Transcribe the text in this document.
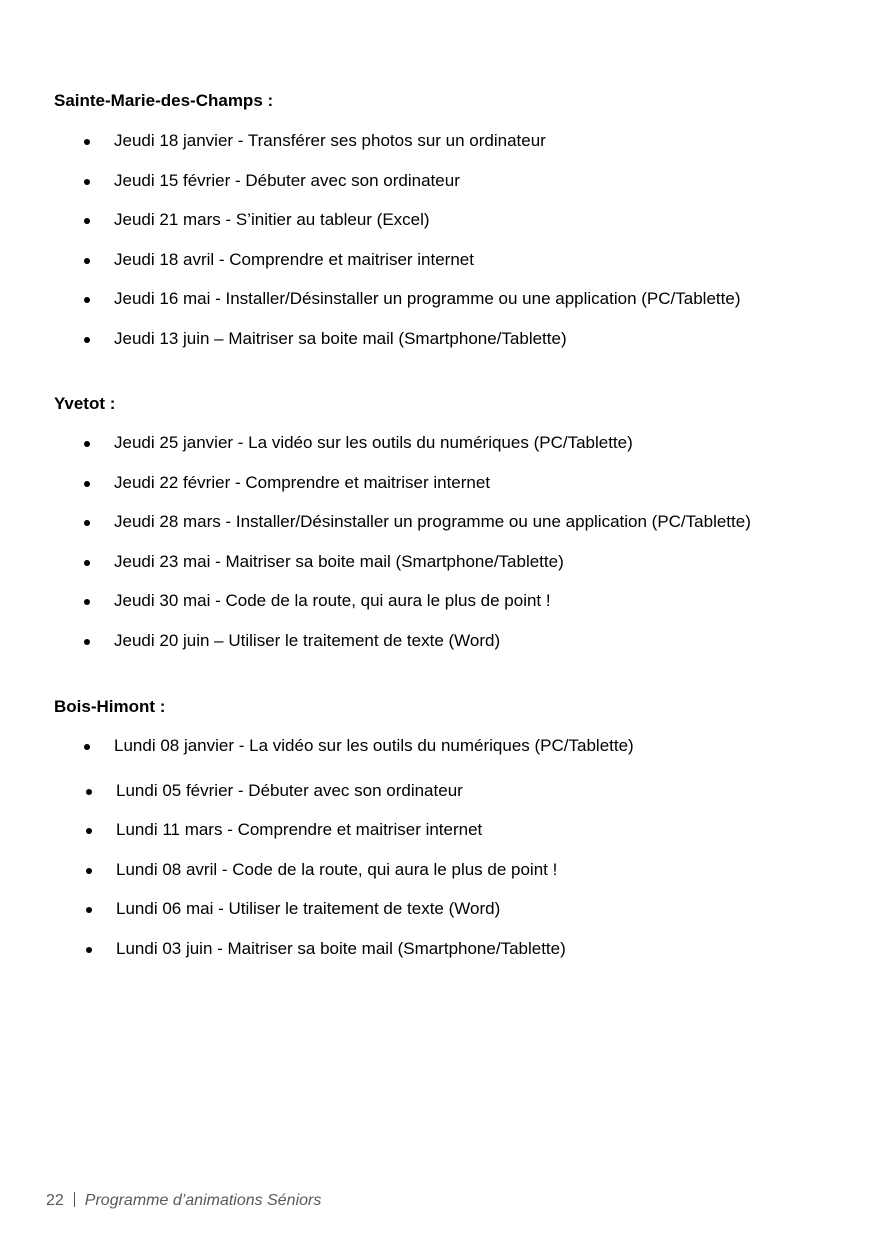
Sainte-Marie-des-Champs :

Jeudi 18 janvier - Transférer ses photos sur un ordinateur
Jeudi 15 février - Débuter avec son ordinateur
Jeudi 21 mars - S’initier au tableur (Excel)
Jeudi 18 avril - Comprendre et maitriser internet
Jeudi 16 mai - Installer/Désinstaller un programme ou une application (PC/Tablette)
Jeudi 13 juin – Maitriser sa boite mail (Smartphone/Tablette)

Yvetot :

Jeudi 25 janvier - La vidéo sur les outils du numériques (PC/Tablette)
Jeudi 22 février - Comprendre et maitriser internet
Jeudi 28 mars - Installer/Désinstaller un programme ou une application (PC/Tablette)
Jeudi 23 mai - Maitriser sa boite mail (Smartphone/Tablette)
Jeudi 30 mai - Code de la route, qui aura le plus de point !
Jeudi 20 juin – Utiliser le traitement de texte (Word)

Bois-Himont :

Lundi 08 janvier - La vidéo sur les outils du numériques (PC/Tablette)
Lundi 05 février - Débuter avec son ordinateur
Lundi 11 mars - Comprendre et maitriser internet
Lundi 08 avril - Code de la route, qui aura le plus de point !
Lundi 06 mai - Utiliser le traitement de texte (Word)
Lundi 03 juin - Maitriser sa boite mail (Smartphone/Tablette)
22 Programme d’animations Séniors
